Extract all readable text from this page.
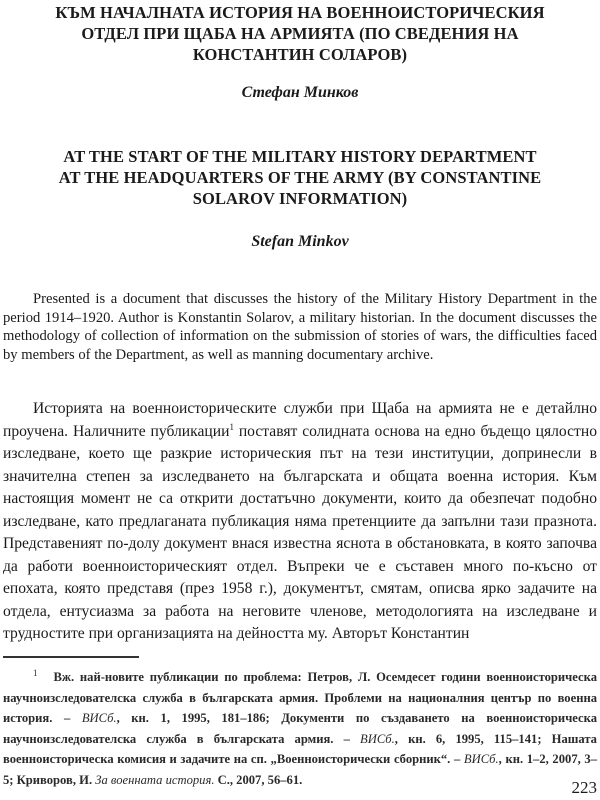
КЪМ НАЧАЛНАТА ИСТОРИЯ НА ВОЕННОИСТОРИЧЕСКИЯ
ОТДЕЛ ПРИ ЩАБА НА АРМИЯТА (ПО СВЕДЕНИЯ НА
КОНСТАНТИН СОЛАРОВ)
Стефан Минков
AT THE START OF THE MILITARY HISTORY DEPARTMENT
AT THE HEADQUARTERS OF THE ARMY (BY CONSTANTINE
SOLAROV INFORMATION)
Stefan Minkov
Presented is a document that discusses the history of the Military History Department in the period 1914–1920. Author is Konstantin Solarov, a military historian. In the document discusses the methodology of collection of information on the submission of stories of wars, the difficulties faced by members of the Department, as well as manning documentary archive.
Историята на военноисторическите служби при Щаба на армията не е детайлно проучена. Наличните публикации$^1$ поставят солидната основа на едно бъдещо цялостно изследване, което ще разкрие историческия път на тези институции, допринесли в значителна степен за изследването на българската и общата военна история. Към настоящия момент не са открити достатъчно документи, които да обезпечат подобно изследване, като предлаганата публикация няма претенциите да запълни тази празнота. Представеният по-долу документ внася известна яснота в обстановката, в която започва да работи военноисторическият отдел. Въпреки че е съставен много по-късно от епохата, която представя (през 1958 г.), документът, смятам, описва ярко задачите на отдела, ентусиазма за работа на неговите членове, методологията на изследване и трудностите при организацията на дейността му. Авторът Константин
$^1$ Вж. най-новите публикации по проблема: Петров, Л. Осемдесет години военноисторическа научноизследователска служба в българската армия. Проблеми на националния център по военна история. – ВИСб., кн. 1, 1995, 181–186; Документи по създаването на военноисторическа научноизследователска служба в българската армия. – ВИСб., кн. 6, 1995, 115–141; Нашата военноисторическа комисия и задачите на сп. „Военноисторически сборник“. – ВИСб., кн. 1–2, 2007, 3–5; Криворов, И. За военната история. С., 2007, 56–61.	223
